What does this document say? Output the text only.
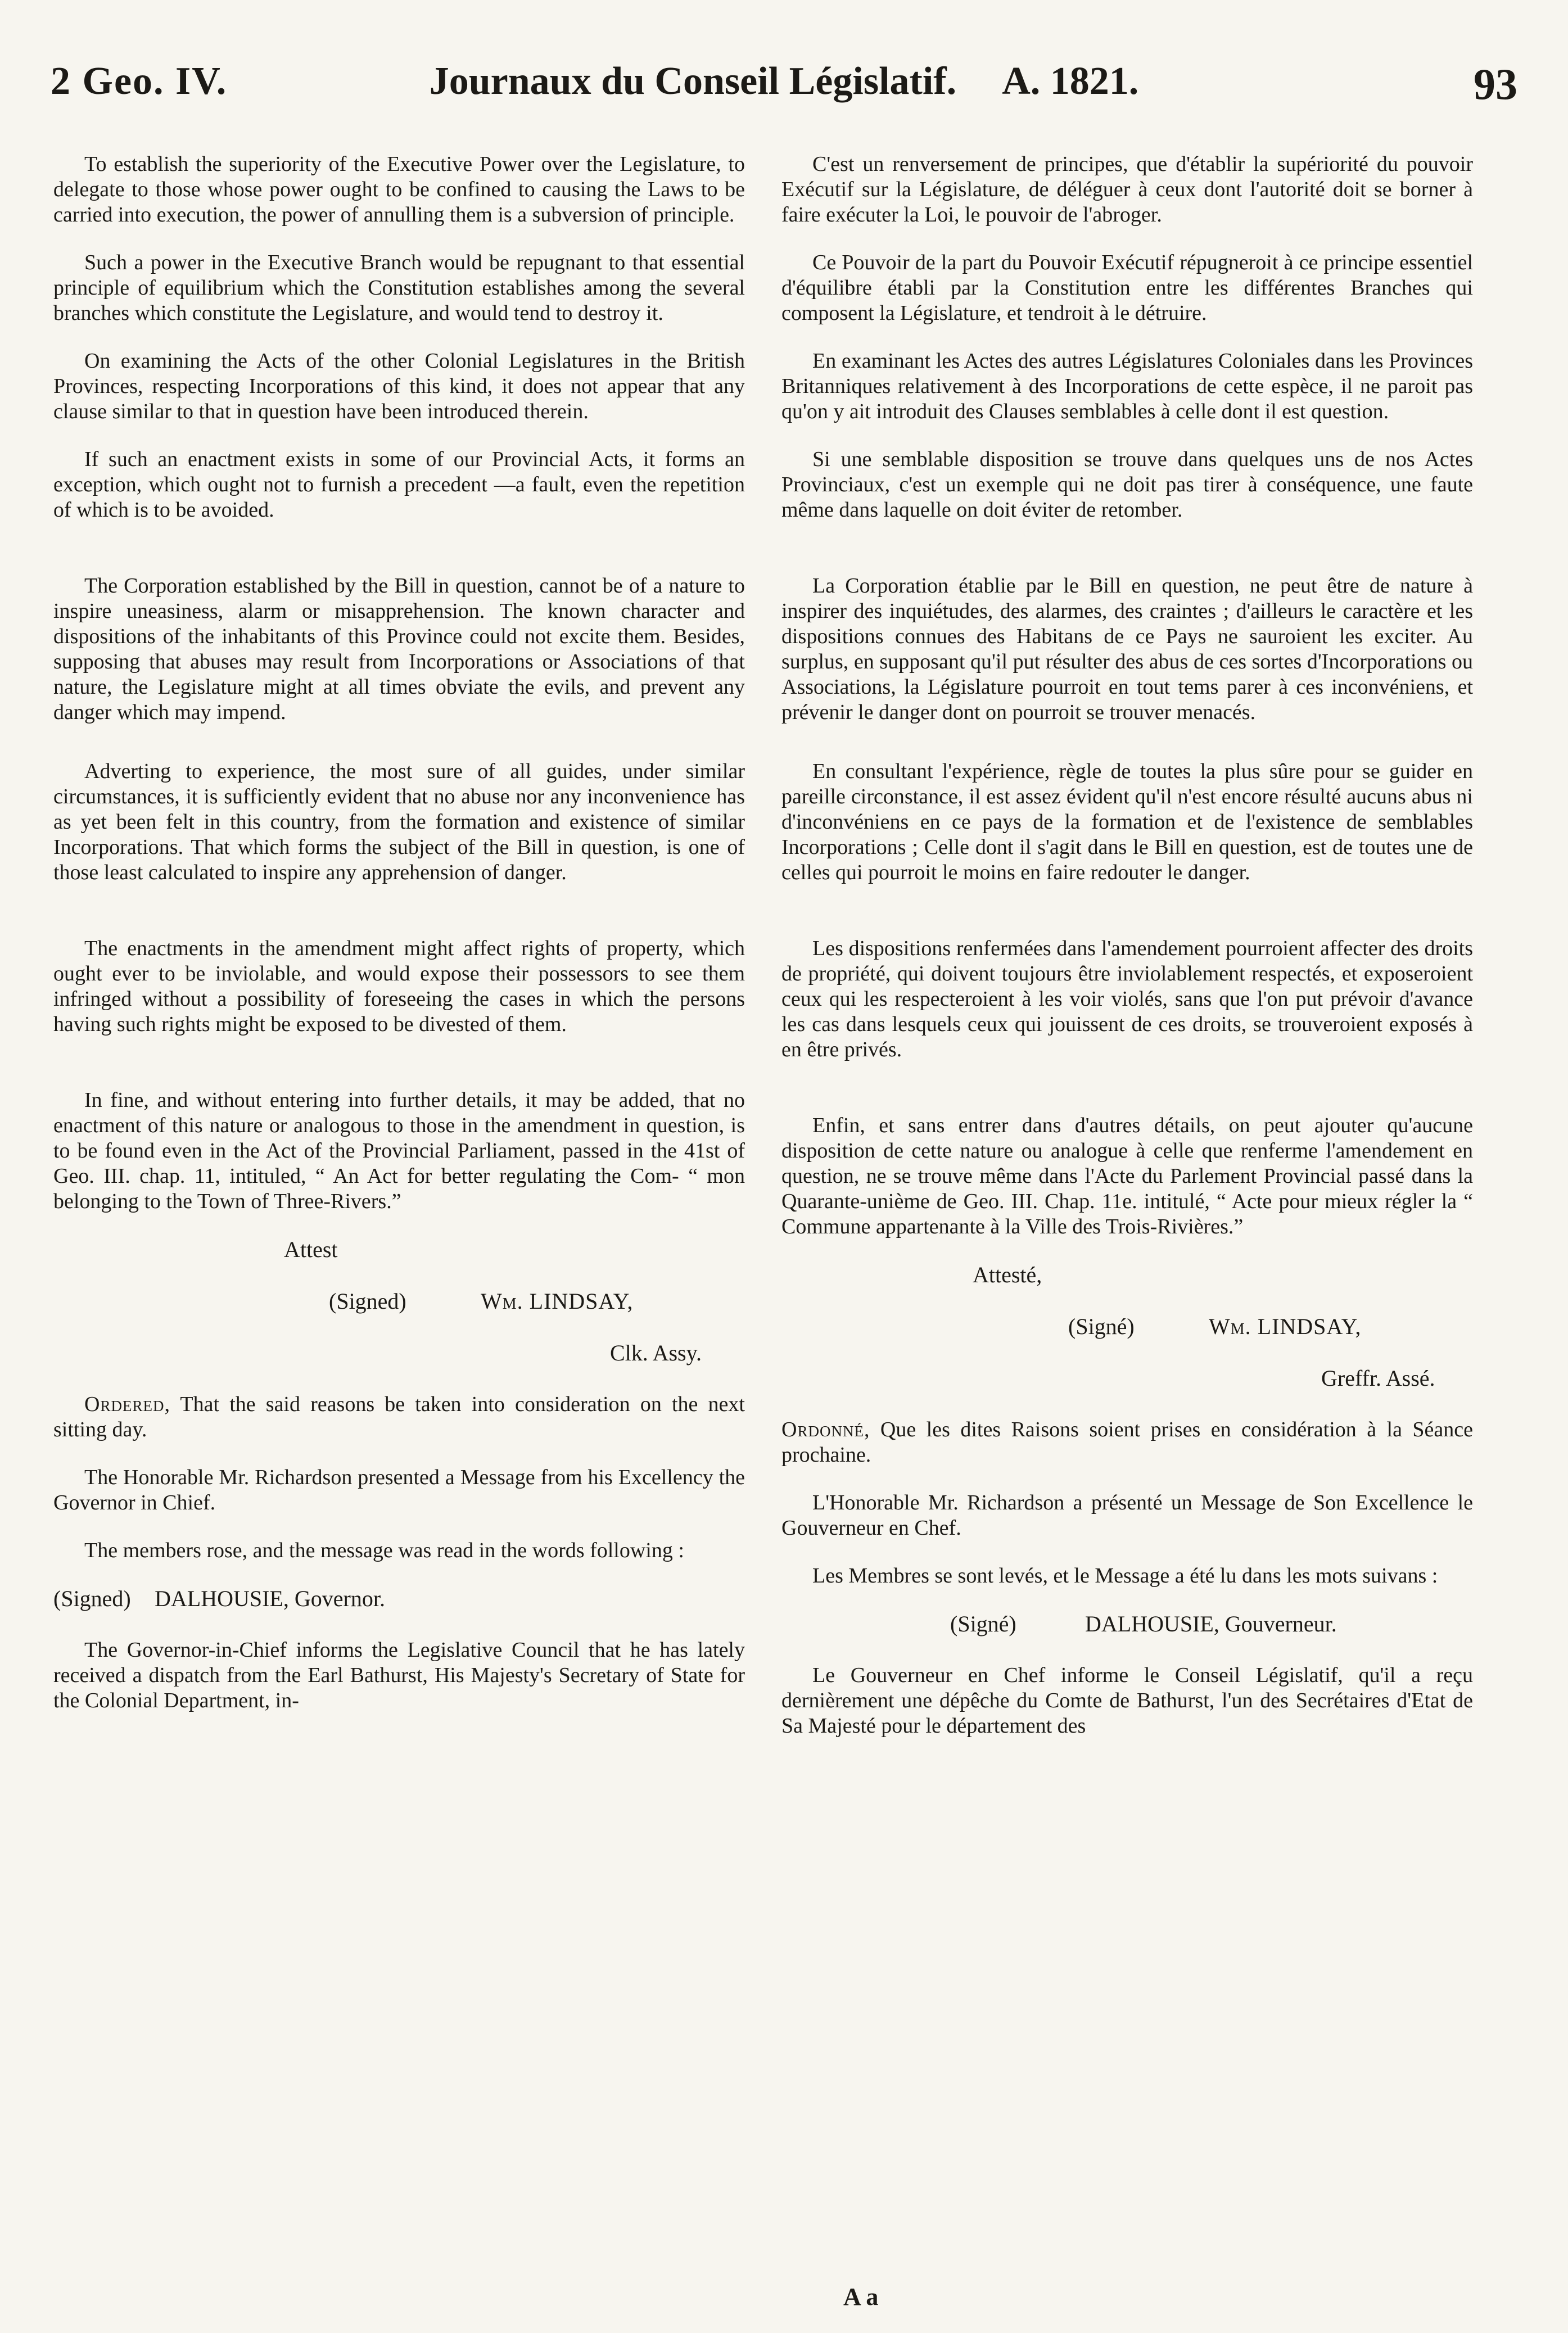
2 Geo. IV.	Journaux du Conseil Législatif. A. 1821.	93

To establish the superiority of the Executive Power over the Legislature, to delegate to those whose power ought to be confined to causing the Laws to be carried into execution, the power of annulling them is a subversion of principle.

Such a power in the Executive Branch would be repugnant to that essential principle of equilibrium which the Constitution establishes among the several branches which constitute the Legislature, and would tend to destroy it.

On examining the Acts of the other Colonial Legislatures in the British Provinces, respecting Incorporations of this kind, it does not appear that any clause similar to that in question have been introduced therein.

If such an enactment exists in some of our Provincial Acts, it forms an exception, which ought not to furnish a precedent —a fault, even the repetition of which is to be avoided.

The Corporation established by the Bill in question, cannot be of a nature to inspire uneasiness, alarm or misapprehension. The known character and dispositions of the inhabitants of this Province could not excite them. Besides, supposing that abuses may result from Incorporations or Associations of that nature, the Legislature might at all times obviate the evils, and prevent any danger which may impend.

Adverting to experience, the most sure of all guides, under similar circumstances, it is sufficiently evident that no abuse nor any inconvenience has as yet been felt in this country, from the formation and existence of similar Incorporations. That which forms the subject of the Bill in question, is one of those least calculated to inspire any apprehension of danger.

The enactments in the amendment might affect rights of property, which ought ever to be inviolable, and would expose their possessors to see them infringed without a possibility of foreseeing the cases in which the persons having such rights might be exposed to be divested of them.

In fine, and without entering into further details, it may be added, that no enactment of this nature or analogous to those in the amendment in question, is to be found even in the Act of the Provincial Parliament, passed in the 41st of Geo. III. chap. 11, intituled, “ An Act for better regulating the Com- “ mon belonging to the Town of Three-Rivers.”

Attest
(Signed)	Wm. LINDSAY,
Clk. Assy.

Ordered, That the said reasons be taken into consideration on the next sitting day.

The Honorable Mr. Richardson presented a Message from his Excellency the Governor in Chief.

The members rose, and the message was read in the words following :

(Signed) DALHOUSIE, Governor.

The Governor-in-Chief informs the Legislative Council that he has lately received a dispatch from the Earl Bathurst, His Majesty's Secretary of State for the Colonial Department, in-

C'est un renversement de principes, que d'établir la supériorité du pouvoir Exécutif sur la Législature, de déléguer à ceux dont l'autorité doit se borner à faire exécuter la Loi, le pouvoir de l'abroger.

Ce Pouvoir de la part du Pouvoir Exécutif répugneroit à ce principe essentiel d'équilibre établi par la Constitution entre les différentes Branches qui composent la Législature, et tendroit à le détruire.

En examinant les Actes des autres Législatures Coloniales dans les Provinces Britanniques relativement à des Incorporations de cette espèce, il ne paroit pas qu'on y ait introduit des Clauses semblables à celle dont il est question.

Si une semblable disposition se trouve dans quelques uns de nos Actes Provinciaux, c'est un exemple qui ne doit pas tirer à conséquence, une faute même dans laquelle on doit éviter de retomber.

La Corporation établie par le Bill en question, ne peut être de nature à inspirer des inquiétudes, des alarmes, des craintes ; d'ailleurs le caractère et les dispositions connues des Habitans de ce Pays ne sauroient les exciter. Au surplus, en supposant qu'il put résulter des abus de ces sortes d'Incorporations ou Associations, la Législature pourroit en tout tems parer à ces inconvéniens, et prévenir le danger dont on pourroit se trouver menacés.

En consultant l'expérience, règle de toutes la plus sûre pour se guider en pareille circonstance, il est assez évident qu'il n'est encore résulté aucuns abus ni d'inconvéniens en ce pays de la formation et de l'existence de semblables Incorporations ; Celle dont il s'agit dans le Bill en question, est de toutes une de celles qui pourroit le moins en faire redouter le danger.

Les dispositions renfermées dans l'amendement pourroient affecter des droits de propriété, qui doivent toujours être inviolablement respectés, et exposeroient ceux qui les respecteroient à les voir violés, sans que l'on put prévoir d'avance les cas dans lesquels ceux qui jouissent de ces droits, se trouveroient exposés à en être privés.

Enfin, et sans entrer dans d'autres détails, on peut ajouter qu'aucune disposition de cette nature ou analogue à celle que renferme l'amendement en question, ne se trouve même dans l'Acte du Parlement Provincial passé dans la Quarante-unième de Geo. III. Chap. 11e. intitulé, “ Acte pour mieux régler la “ Commune appartenante à la Ville des Trois-Rivières.”

Attesté,
(Signé)	Wm. LINDSAY,
Greffr. Assé.

Ordonné, Que les dites Raisons soient prises en considération à la Séance prochaine.

L'Honorable Mr. Richardson a présenté un Message de Son Excellence le Gouverneur en Chef.

Les Membres se sont levés, et le Message a été lu dans les mots suivans :

(Signé)	DALHOUSIE, Gouverneur.

Le Gouverneur en Chef informe le Conseil Législatif, qu'il a reçu dernièrement une dépêche du Comte de Bathurst, l'un des Secrétaires d'Etat de Sa Majesté pour le département des

A a
